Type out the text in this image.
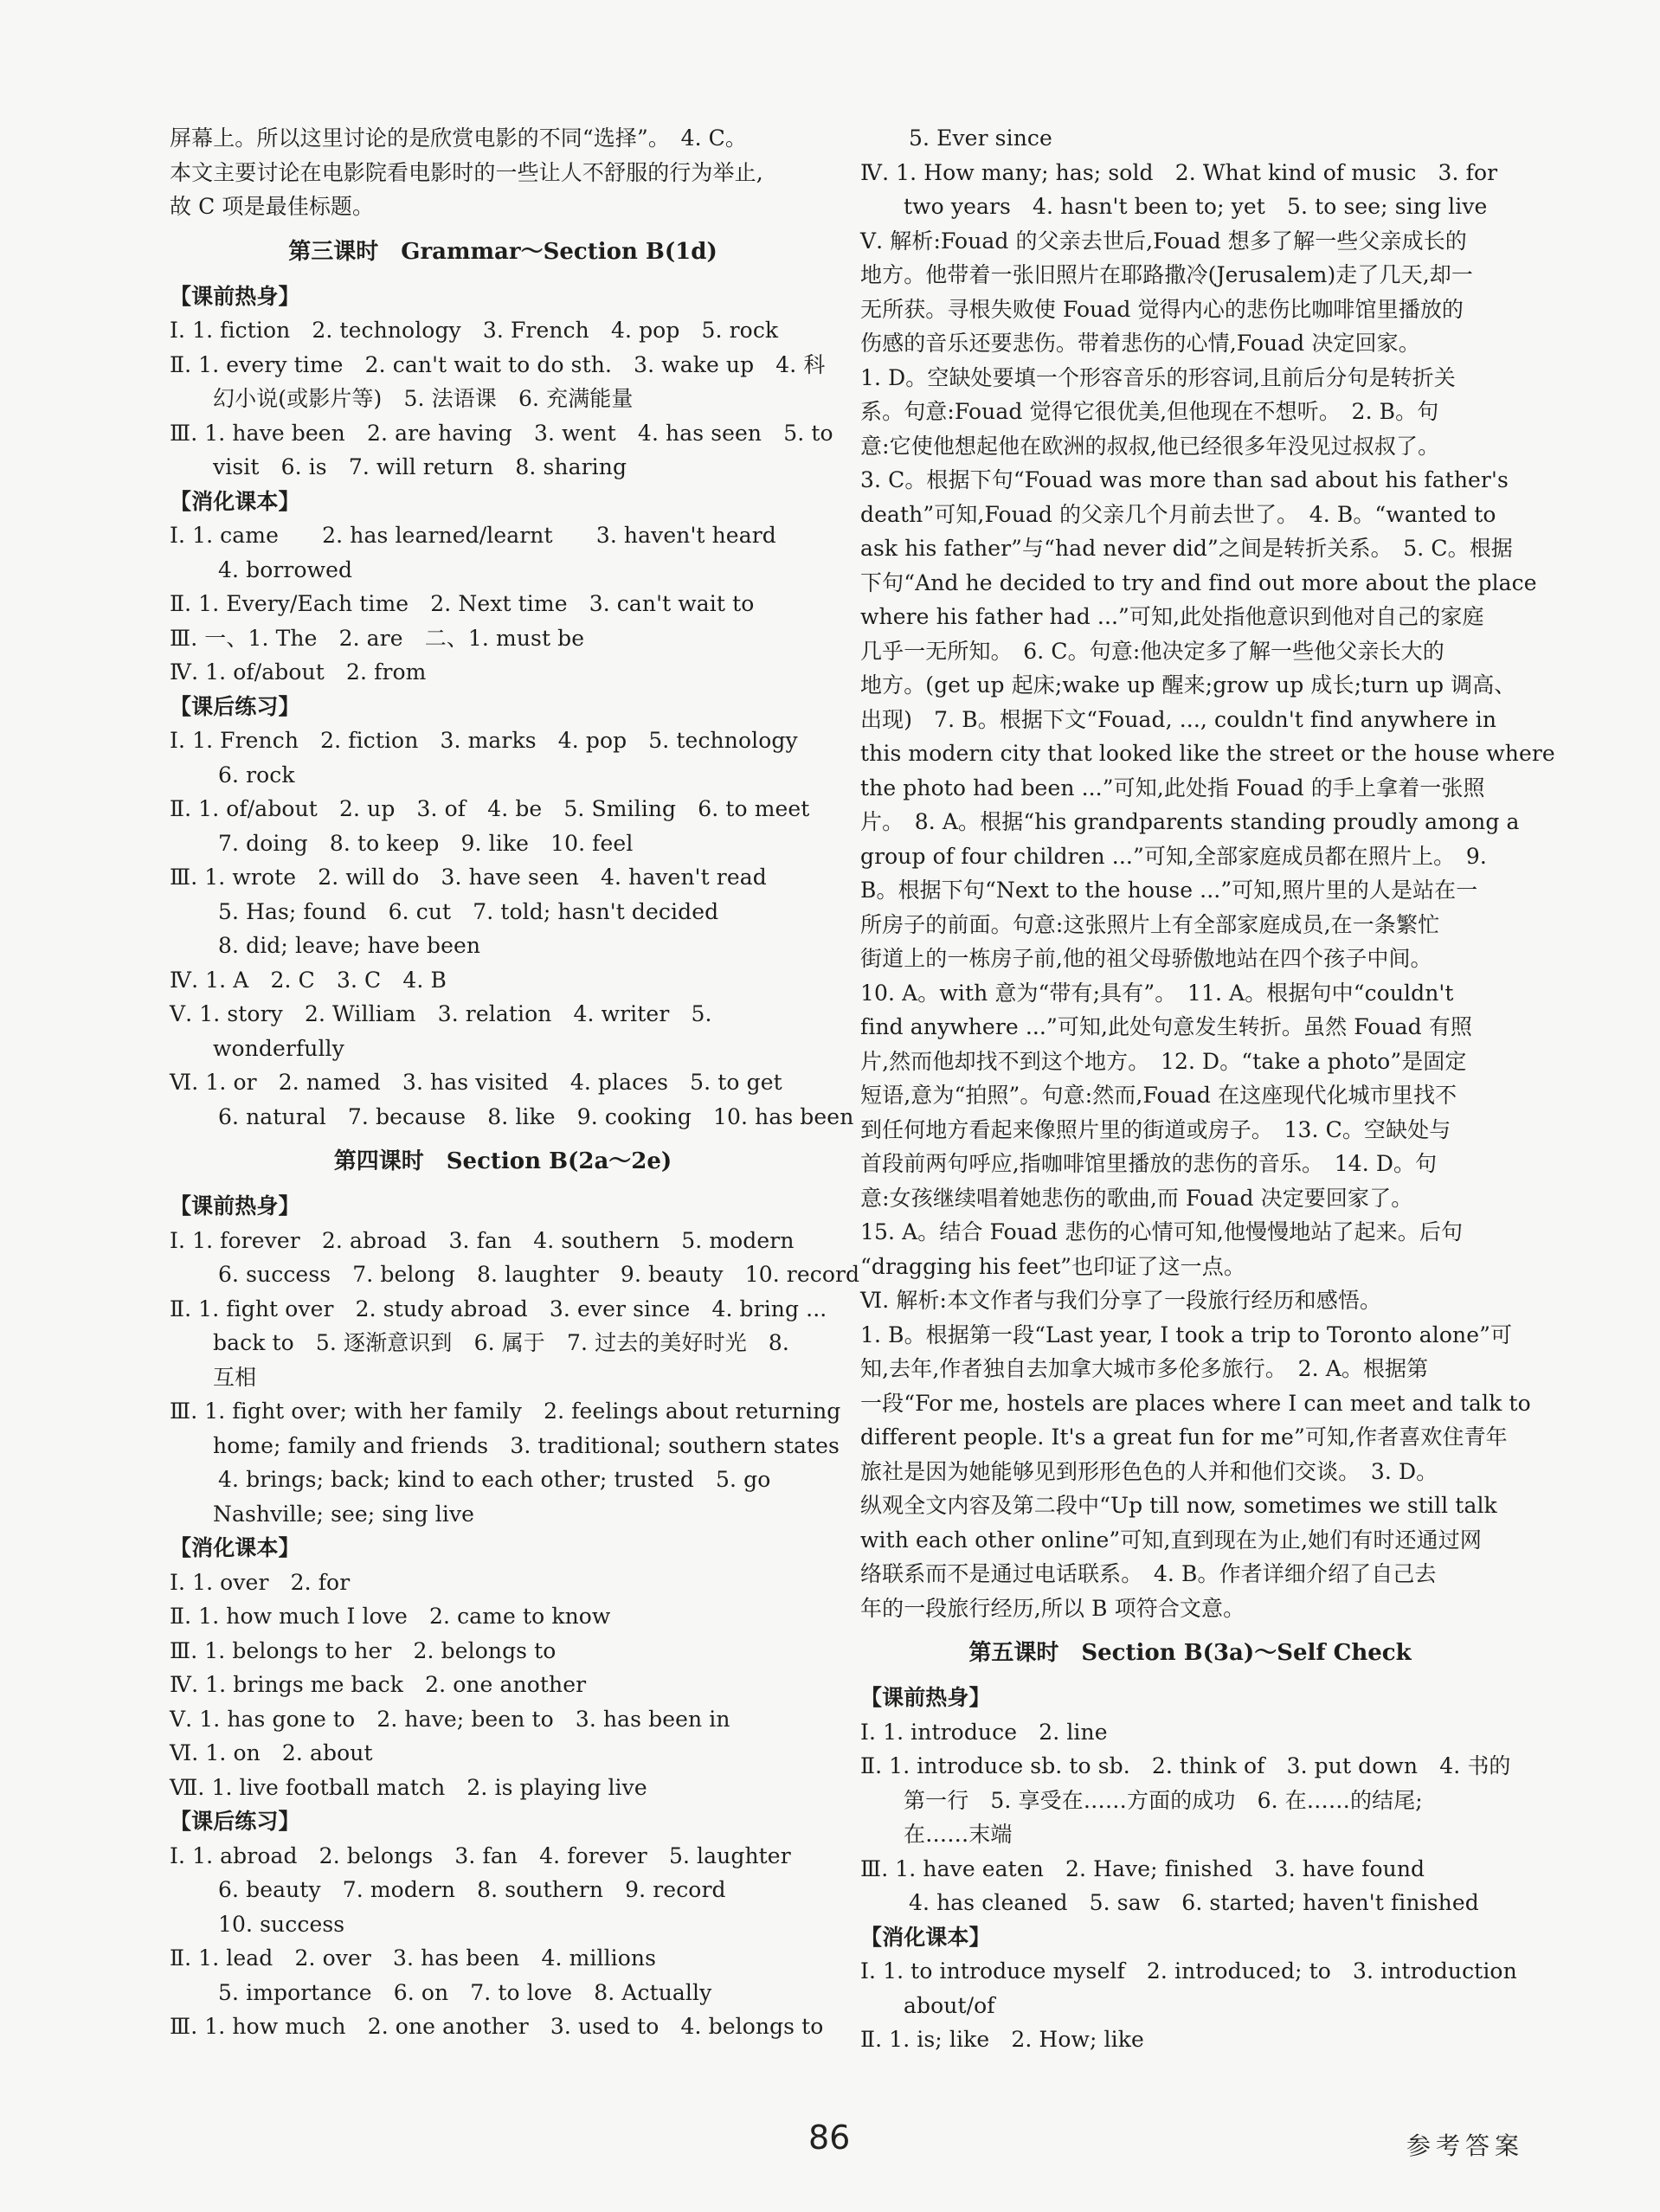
屏幕上。所以这里讨论的是欣赏电影的不同“选择”。　4. C。
本文主要讨论在电影院看电影时的一些让人不舒服的行为举止,
故 C 项是最佳标题。
第三课时　Grammar～Section B(1d)
【课前热身】
Ⅰ. 1. fiction　2. technology　3. French　4. pop　5. rock
Ⅱ. 1. every time　2. can't wait to do sth.　3. wake up　4. 科
幻小说(或影片等)　5. 法语课　6. 充满能量
Ⅲ. 1. have been　2. are having　3. went　4. has seen　5. to
visit　6. is　7. will return　8. sharing
【消化课本】
Ⅰ. 1. came　　2. has learned/learnt　　3. haven't heard
4. borrowed
Ⅱ. 1. Every/Each time　2. Next time　3. can't wait to
Ⅲ. 一、1. The　2. are　二、1. must be
Ⅳ. 1. of/about　2. from
【课后练习】
Ⅰ. 1. French　2. fiction　3. marks　4. pop　5. technology
6. rock
Ⅱ. 1. of/about　2. up　3. of　4. be　5. Smiling　6. to meet
7. doing　8. to keep　9. like　10. feel
Ⅲ. 1. wrote　2. will do　3. have seen　4. haven't read
5. Has; found　6. cut　7. told; hasn't decided
8. did; leave; have been
Ⅳ. 1. A　2. C　3. C　4. B
Ⅴ. 1. story　2. William　3. relation　4. writer　5.
wonderfully
Ⅵ. 1. or　2. named　3. has visited　4. places　5. to get
6. natural　7. because　8. like　9. cooking　10. has been
第四课时　Section B(2a～2e)
【课前热身】
Ⅰ. 1. forever　2. abroad　3. fan　4. southern　5. modern
6. success　7. belong　8. laughter　9. beauty　10. record
Ⅱ. 1. fight over　2. study abroad　3. ever since　4. bring ...
back to　5. 逐渐意识到　6. 属于　7. 过去的美好时光　8.
互相
Ⅲ. 1. fight over; with her family　2. feelings about returning
home; family and friends　3. traditional; southern states
4. brings; back; kind to each other; trusted　5. go
Nashville; see; sing live
【消化课本】
Ⅰ. 1. over　2. for
Ⅱ. 1. how much I love　2. came to know
Ⅲ. 1. belongs to her　2. belongs to
Ⅳ. 1. brings me back　2. one another
Ⅴ. 1. has gone to　2. have; been to　3. has been in
Ⅵ. 1. on　2. about
Ⅶ. 1. live football match　2. is playing live
【课后练习】
Ⅰ. 1. abroad　2. belongs　3. fan　4. forever　5. laughter
6. beauty　7. modern　8. southern　9. record
10. success
Ⅱ. 1. lead　2. over　3. has been　4. millions
5. importance　6. on　7. to love　8. Actually
Ⅲ. 1. how much　2. one another　3. used to　4. belongs to
5. Ever since
Ⅳ. 1. How many; has; sold　2. What kind of music　3. for
two years　4. hasn't been to; yet　5. to see; sing live
Ⅴ. 解析:Fouad 的父亲去世后,Fouad 想多了解一些父亲成长的
地方。他带着一张旧照片在耶路撒冷(Jerusalem)走了几天,却一
无所获。寻根失败使 Fouad 觉得内心的悲伤比咖啡馆里播放的
伤感的音乐还要悲伤。带着悲伤的心情,Fouad 决定回家。
1. D。空缺处要填一个形容音乐的形容词,且前后分句是转折关
系。句意:Fouad 觉得它很优美,但他现在不想听。　2. B。句
意:它使他想起他在欧洲的叔叔,他已经很多年没见过叔叔了。
3. C。根据下句“Fouad was more than sad about his father's
death”可知,Fouad 的父亲几个月前去世了。　4. B。“wanted to
ask his father”与“had never did”之间是转折关系。　5. C。根据
下句“And he decided to try and find out more about the place
where his father had ...”可知,此处指他意识到他对自己的家庭
几乎一无所知。　6. C。句意:他决定多了解一些他父亲长大的
地方。(get up 起床;wake up 醒来;grow up 成长;turn up 调高、
出现)　7. B。根据下文“Fouad, ..., couldn't find anywhere in
this modern city that looked like the street or the house where
the photo had been ...”可知,此处指 Fouad 的手上拿着一张照
片。　8. A。根据“his grandparents standing proudly among a
group of four children ...”可知,全部家庭成员都在照片上。　9.
B。根据下句“Next to the house ...”可知,照片里的人是站在一
所房子的前面。句意:这张照片上有全部家庭成员,在一条繁忙
街道上的一栋房子前,他的祖父母骄傲地站在四个孩子中间。
10. A。with 意为“带有;具有”。　11. A。根据句中“couldn't
find anywhere ...”可知,此处句意发生转折。虽然 Fouad 有照
片,然而他却找不到这个地方。　12. D。“take a photo”是固定
短语,意为“拍照”。句意:然而,Fouad 在这座现代化城市里找不
到任何地方看起来像照片里的街道或房子。　13. C。空缺处与
首段前两句呼应,指咖啡馆里播放的悲伤的音乐。　14. D。句
意:女孩继续唱着她悲伤的歌曲,而 Fouad 决定要回家了。
15. A。结合 Fouad 悲伤的心情可知,他慢慢地站了起来。后句
“dragging his feet”也印证了这一点。
Ⅵ. 解析:本文作者与我们分享了一段旅行经历和感悟。
1. B。根据第一段“Last year, I took a trip to Toronto alone”可
知,去年,作者独自去加拿大城市多伦多旅行。　2. A。根据第
一段“For me, hostels are places where I can meet and talk to
different people. It's a great fun for me”可知,作者喜欢住青年
旅社是因为她能够见到形形色色的人并和他们交谈。　3. D。
纵观全文内容及第二段中“Up till now, sometimes we still talk
with each other online”可知,直到现在为止,她们有时还通过网
络联系而不是通过电话联系。　4. B。作者详细介绍了自己去
年的一段旅行经历,所以 B 项符合文意。
第五课时　Section B(3a)～Self Check
【课前热身】
Ⅰ. 1. introduce　2. line
Ⅱ. 1. introduce sb. to sb.　2. think of　3. put down　4. 书的
第一行　5. 享受在……方面的成功　6. 在……的结尾;
在……末端
Ⅲ. 1. have eaten　2. Have; finished　3. have found
4. has cleaned　5. saw　6. started; haven't finished
【消化课本】
Ⅰ. 1. to introduce myself　2. introduced; to　3. introduction
about/of
Ⅱ. 1. is; like　2. How; like
86	参考答案
